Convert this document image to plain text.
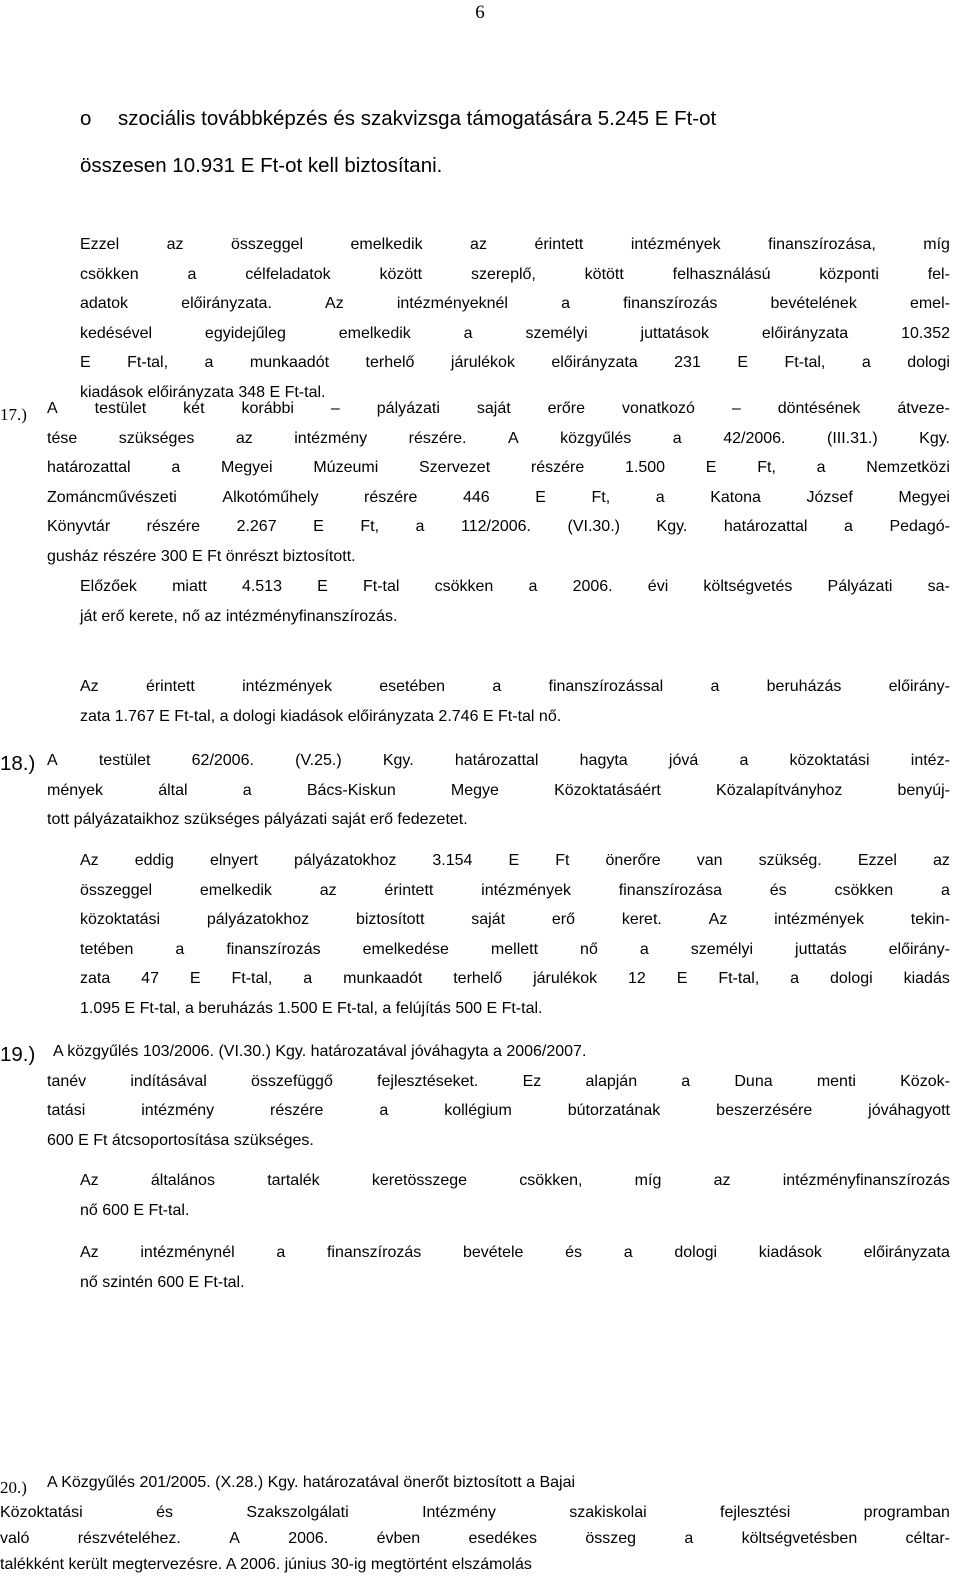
6
o szociális továbbképzés és szakvizsga támogatására 5.245 E Ft-ot
összesen 10.931 E Ft-ot kell biztosítani.
Ezzel	az	összeggel	emelkedik	az	érintett	intézmények	finanszírozása,	míg
csökken	a	célfeladatok	között	szereplő,	kötött	felhasználású	központi	fel-
adatok	előirányzata.	Az	intézményeknél	a	finanszírozás	bevételének	emel-
kedésével	egyidejűleg	emelkedik	a	személyi	juttatások	előirányzata	10.352
E Ft-tal, a munkaadót terhelő járulékok előirányzata 231 E Ft-tal, a dologi
kiadások előirányzata 348 E Ft-tal.
17.) A testület két korábbi – pályázati saját erőre vonatkozó – döntésének átveze-
tése	szükséges	az	intézmény	részére.	A	közgyűlés	a	42/2006.	(III.31.)	Kgy.
határozattal	a	Megyei	Múzeumi	Szervezet	részére	1.500	E	Ft,	a	Nemzetközi
Zománcművészeti	Alkotóműhely	részére	446	E	Ft,	a	Katona	József	Megyei
Könyvtár részére 2.267 E Ft, a 112/2006. (VI.30.) Kgy. határozattal a Pedagó-
gusház részére 300 E Ft önrészt biztosított.
Előzőek miatt 4.513 E Ft-tal csökken a 2006. évi költségvetés Pályázati sa-
ját erő kerete, nő az intézményfinanszírozás.
Az	érintett	intézmények	esetében	a	finanszírozással	a	beruházás	előirány-
zata 1.767 E Ft-tal, a dologi kiadások előirányzata 2.746 E Ft-tal nő.
18.) A	testület	62/2006.	(V.25.)	Kgy.	határozattal	hagyta	jóvá	a	közoktatási	intéz-
mények	által	a	Bács-Kiskun	Megye	Közoktatásáért	Közalapítványhoz	benyúj-
tott pályázataikhoz szükséges pályázati saját erő fedezetet.
Az eddig elnyert pályázatokhoz 3.154 E Ft önerőre van szükség. Ezzel az
összeggel	emelkedik	az	érintett	intézmények	finanszírozása	és	csökken	a
közoktatási	pályázatokhoz	biztosított	saját	erő	keret.	Az	intézmények	tekin-
tetében	a	finanszírozás	emelkedése	mellett	nő	a	személyi	juttatás	előirány-
zata 47 E Ft-tal, a munkaadót terhelő járulékok 12 E Ft-tal, a dologi kiadás
1.095 E Ft-tal, a beruházás 1.500 E Ft-tal, a felújítás 500 E Ft-tal.
19.) A közgyűlés 103/2006. (VI.30.) Kgy. határozatával jóváhagyta a 2006/2007.
tanév	indításával	összefüggő	fejlesztéseket.	Ez	alapján	a	Duna	menti	Közok-
tatási	intézmény	részére	a	kollégium	bútorzatának	beszerzésére	jóváhagyott
600 E Ft átcsoportosítása szükséges.
Az	általános	tartalék	keretösszege	csökken,	míg	az	intézményfinanszírozás
nő 600 E Ft-tal.
Az	intézménynél	a	finanszírozás	bevétele	és	a	dologi	kiadások	előirányzata
nő szintén 600 E Ft-tal.
20.) A Közgyűlés 201/2005. (X.28.) Kgy. határozatával önerőt biztosított a Bajai
Közoktatási	és	Szakszolgálati	Intézmény	szakiskolai	fejlesztési	programban
való	részvételéhez.	A	2006.	évben	esedékes	összeg	a	költségvetésben	céltar-
talékként került megtervezésre. A 2006. június 30-ig megtörtént elszámolás
